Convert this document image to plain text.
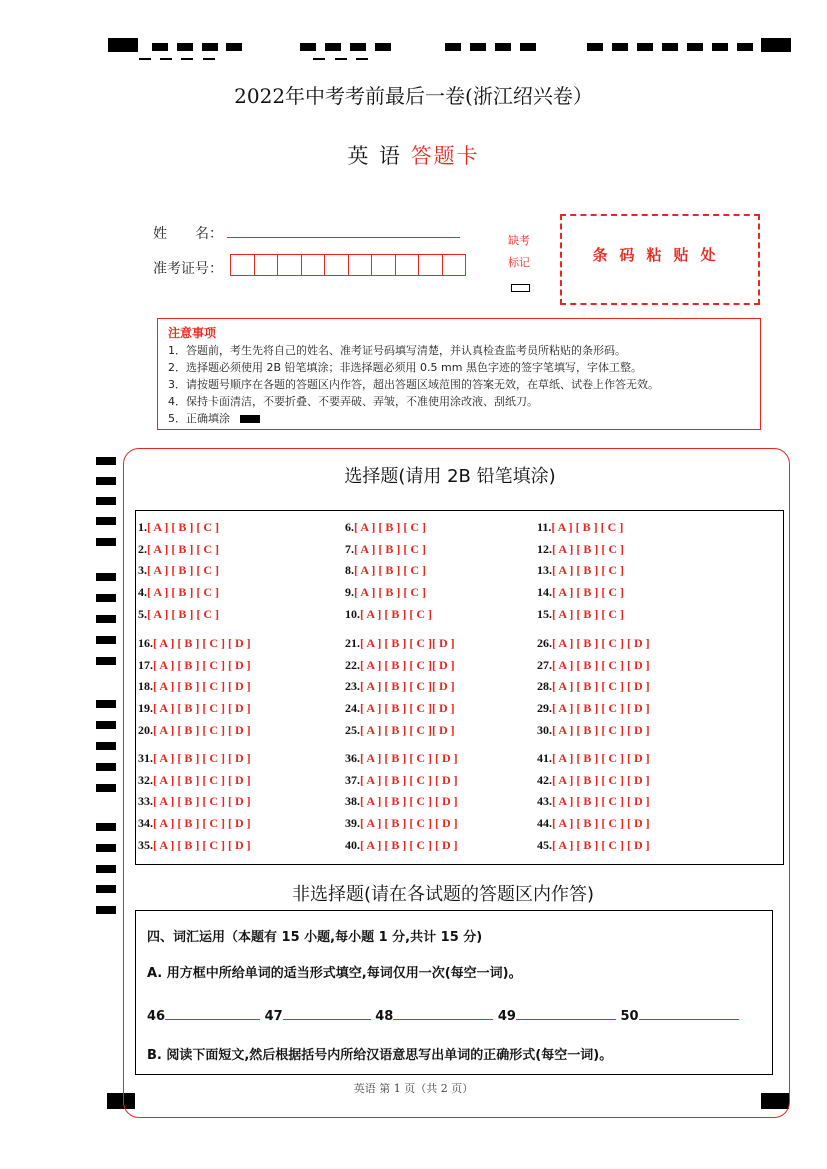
2022年中考考前最后一卷(浙江绍兴卷）
英 语 答题卡
姓　　名：
准考证号：
缺考
标记	条码粘贴处
注意事项
1．答题前，考生先将自己的姓名、准考证号码填写清楚，并认真检查监考员所粘贴的条形码。
2．选择题必须使用 2B 铅笔填涂；非选择题必须用 0.5 mm 黑色字迹的签字笔填写，字体工整。
3．请按题号顺序在各题的答题区内作答，超出答题区域范围的答案无效，在草纸、试卷上作答无效。
4．保持卡面清洁，不要折叠、不要弄破、弄皱，不准使用涂改液、刮纸刀。
5．正确填涂
选择题(请用 2B 铅笔填涂)
1.[ A ] [ B ] [ C ]
2.[ A ] [ B ] [ C ]
3.[ A ] [ B ] [ C ]
4.[ A ] [ B ] [ C ]
5.[ A ] [ B ] [ C ]
6.[ A ] [ B ] [ C ]
7.[ A ] [ B ] [ C ]
8.[ A ] [ B ] [ C ]
9.[ A ] [ B ] [ C ]
10.[ A ] [ B ] [ C ]
11.[ A ] [ B ] [ C ]
12.[ A ] [ B ] [ C ]
13.[ A ] [ B ] [ C ]
14.[ A ] [ B ] [ C ]
15.[ A ] [ B ] [ C ]
16.[ A ] [ B ] [ C ] [ D ]
17.[ A ] [ B ] [ C ] [ D ]
18.[ A ] [ B ] [ C ] [ D ]
19.[ A ] [ B ] [ C ] [ D ]
20.[ A ] [ B ] [ C ] [ D ]
21.[ A ] [ B ] [ C ][ D ]
22.[ A ] [ B ] [ C ][ D ]
23.[ A ] [ B ] [ C ][ D ]
24.[ A ] [ B ] [ C ][ D ]
25.[ A ] [ B ] [ C ][ D ]
26.[ A ] [ B ] [ C ] [ D ]
27.[ A ] [ B ] [ C ] [ D ]
28.[ A ] [ B ] [ C ] [ D ]
29.[ A ] [ B ] [ C ] [ D ]
30.[ A ] [ B ] [ C ] [ D ]
31.[ A ] [ B ] [ C ] [ D ]
32.[ A ] [ B ] [ C ] [ D ]
33.[ A ] [ B ] [ C ] [ D ]
34.[ A ] [ B ] [ C ] [ D ]
35.[ A ] [ B ] [ C ] [ D ]
36.[ A ] [ B ] [ C ] [ D ]
37.[ A ] [ B ] [ C ] [ D ]
38.[ A ] [ B ] [ C ] [ D ]
39.[ A ] [ B ] [ C ] [ D ]
40.[ A ] [ B ] [ C ] [ D ]
41.[ A ] [ B ] [ C ] [ D ]
42.[ A ] [ B ] [ C ] [ D ]
43.[ A ] [ B ] [ C ] [ D ]
44.[ A ] [ B ] [ C ] [ D ]
45.[ A ] [ B ] [ C ] [ D ]
非选择题(请在各试题的答题区内作答)
四、词汇运用（本题有 15 小题,每小题 1 分,共计 15 分)
A. 用方框中所给单词的适当形式填空,每词仅用一次(每空一词)。
46	47	48	49	50
B. 阅读下面短文,然后根据括号内所给汉语意思写出单词的正确形式(每空一词)。
英语 第 1 页（共 2 页）
